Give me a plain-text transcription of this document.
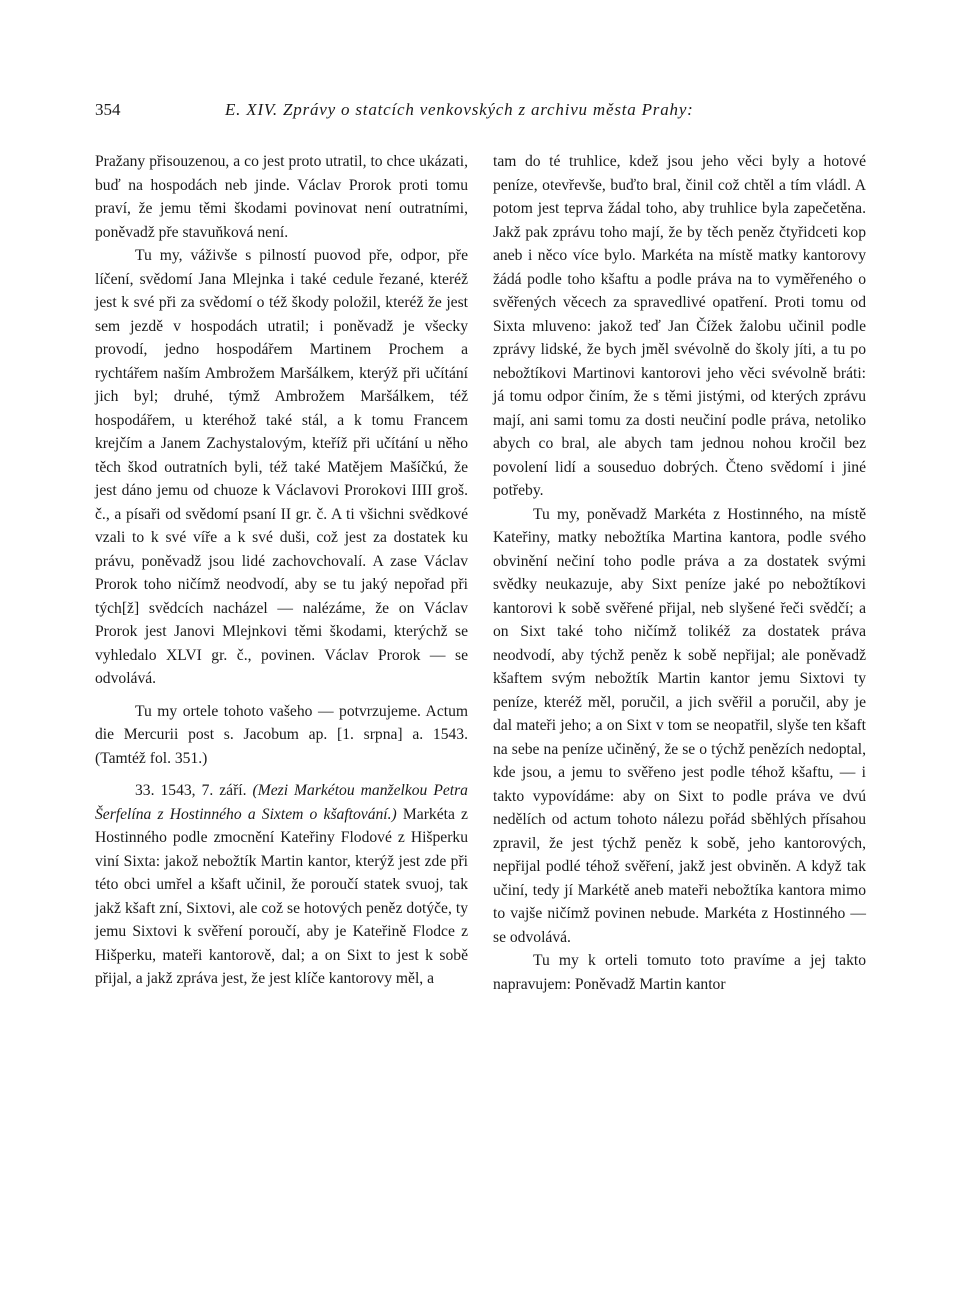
354	E. XIV. Zprávy o statcích venkovských z archivu města Prahy:

Pražany přisouzenou, a co jest proto utratil, to chce ukázati, buď na hospodách neb jinde. Václav Prorok proti tomu praví, že jemu těmi škodami povinovat není outratními, poněvadž pře stavuňková není.

Tu my, váživše s pilností puovod pře, odpor, pře líčení, svědomí Jana Mlejnka i také cedule řezané, kteréž jest k své při za svědomí o též škody položil, kteréž že jest sem jezdě v hospodách utratil; i poněvadž je všecky provodí, jedno hospodářem Martinem Prochem a rychtářem naším Ambrožem Maršálkem, kterýž při učítání jich byl; druhé, týmž Ambrožem Maršálkem, též hospodářem, u kteréhož také stál, a k tomu Francem krejčím a Janem Zachystalovým, kteříž při učítání u něho těch škod outratních byli, též také Matějem Mašíčkú, že jest dáno jemu od chuoze k Václavovi Prorokovi IIII groš. č., a písaři od svědomí psaní II gr. č. A ti všichni svědkové vzali to k své víře a k své duši, což jest za dostatek ku právu, poněvadž jsou lidé zachovchovalí. A zase Václav Prorok toho ničímž neodvodí, aby se tu jaký nepořad při tých[ž] svědcích nacházel — nalézáme, že on Václav Prorok jest Janovi Mlejnkovi těmi škodami, kterýchž se vyhledalo XLVI gr. č., povinen. Václav Prorok — se odvolává.

Tu my ortele tohoto vašeho — potvrzujeme. Actum die Mercurii post s. Jacobum ap. [1. srpna] a. 1543. (Tamtéž fol. 351.)

33. 1543, 7. září. (Mezi Markétou manželkou Petra Šerfelína z Hostinného a Sixtem o kšaftování.) Markéta z Hostinného podle zmocnění Kateřiny Flodové z Hišperku viní Sixta: jakož nebožtík Martin kantor, kterýž jest zde při této obci umřel a kšaft učinil, že poroučí statek svuoj, tak jakž kšaft zní, Sixtovi, ale což se hotových peněz dotýče, ty jemu Sixtovi k svěření poroučí, aby je Kateřině Flodce z Hišperku, mateři kantorově, dal; a on Sixt to jest k sobě přijal, a jakž zpráva jest, že jest klíče kantorovy měl, a

tam do té truhlice, kdež jsou jeho věci byly a hotové peníze, otevřevše, buďto bral, činil což chtěl a tím vládl. A potom jest teprva žádal toho, aby truhlice byla zapečetěna. Jakž pak zprávu toho mají, že by těch peněz čtyřidceti kop aneb i něco více bylo. Markéta na místě matky kantorovy žádá podle toho kšaftu a podle práva na to vyměřeného o svěřených věcech za spravedlivé opatření. Proti tomu od Sixta mluveno: jakož teď Jan Čížek žalobu učinil podle zprávy lidské, že bych jměl svévolně do školy jíti, a tu po nebožtíkovi Martinovi kantorovi jeho věci svévolně bráti: já tomu odpor činím, že s těmi jistými, od kterých zprávu mají, ani sami tomu za dosti neučiní podle práva, netoliko abych co bral, ale abych tam jednou nohou kročil bez povolení lidí a souseduo dobrých. Čteno svědomí i jiné potřeby.

Tu my, poněvadž Markéta z Hostinného, na místě Kateřiny, matky nebožtíka Martina kantora, podle svého obvinění nečiní toho podle práva a za dostatek svými svědky neukazuje, aby Sixt peníze jaké po nebožtíkovi kantorovi k sobě svěřené přijal, neb slyšené řeči svědčí; a on Sixt také toho ničímž tolikéž za dostatek práva neodvodí, aby týchž peněz k sobě nepřijal; ale poněvadž kšaftem svým nebožtík Martin kantor jemu Sixtovi ty peníze, kteréž měl, poručil, a jich svěřil a poručil, aby je dal mateři jeho; a on Sixt v tom se neopatřil, slyše ten kšaft na sebe na peníze učiněný, že se o týchž penězích nedoptal, kde jsou, a jemu to svěřeno jest podle téhož kšaftu, — i takto vypovídáme: aby on Sixt to podle práva ve dvú nedělích od actum tohoto nálezu pořád sběhlých přísahou zpravil, že jest týchž peněz k sobě, jeho kantorových, nepřijal podlé téhož svěření, jakž jest obviněn. A když tak učiní, tedy jí Markétě aneb mateři nebožtíka kantora mimo to vajše ničímž povinen nebude. Markéta z Hostinného — se odvolává.

Tu my k orteli tomuto toto pravíme a jej takto napravujem: Poněvadž Martin kantor
